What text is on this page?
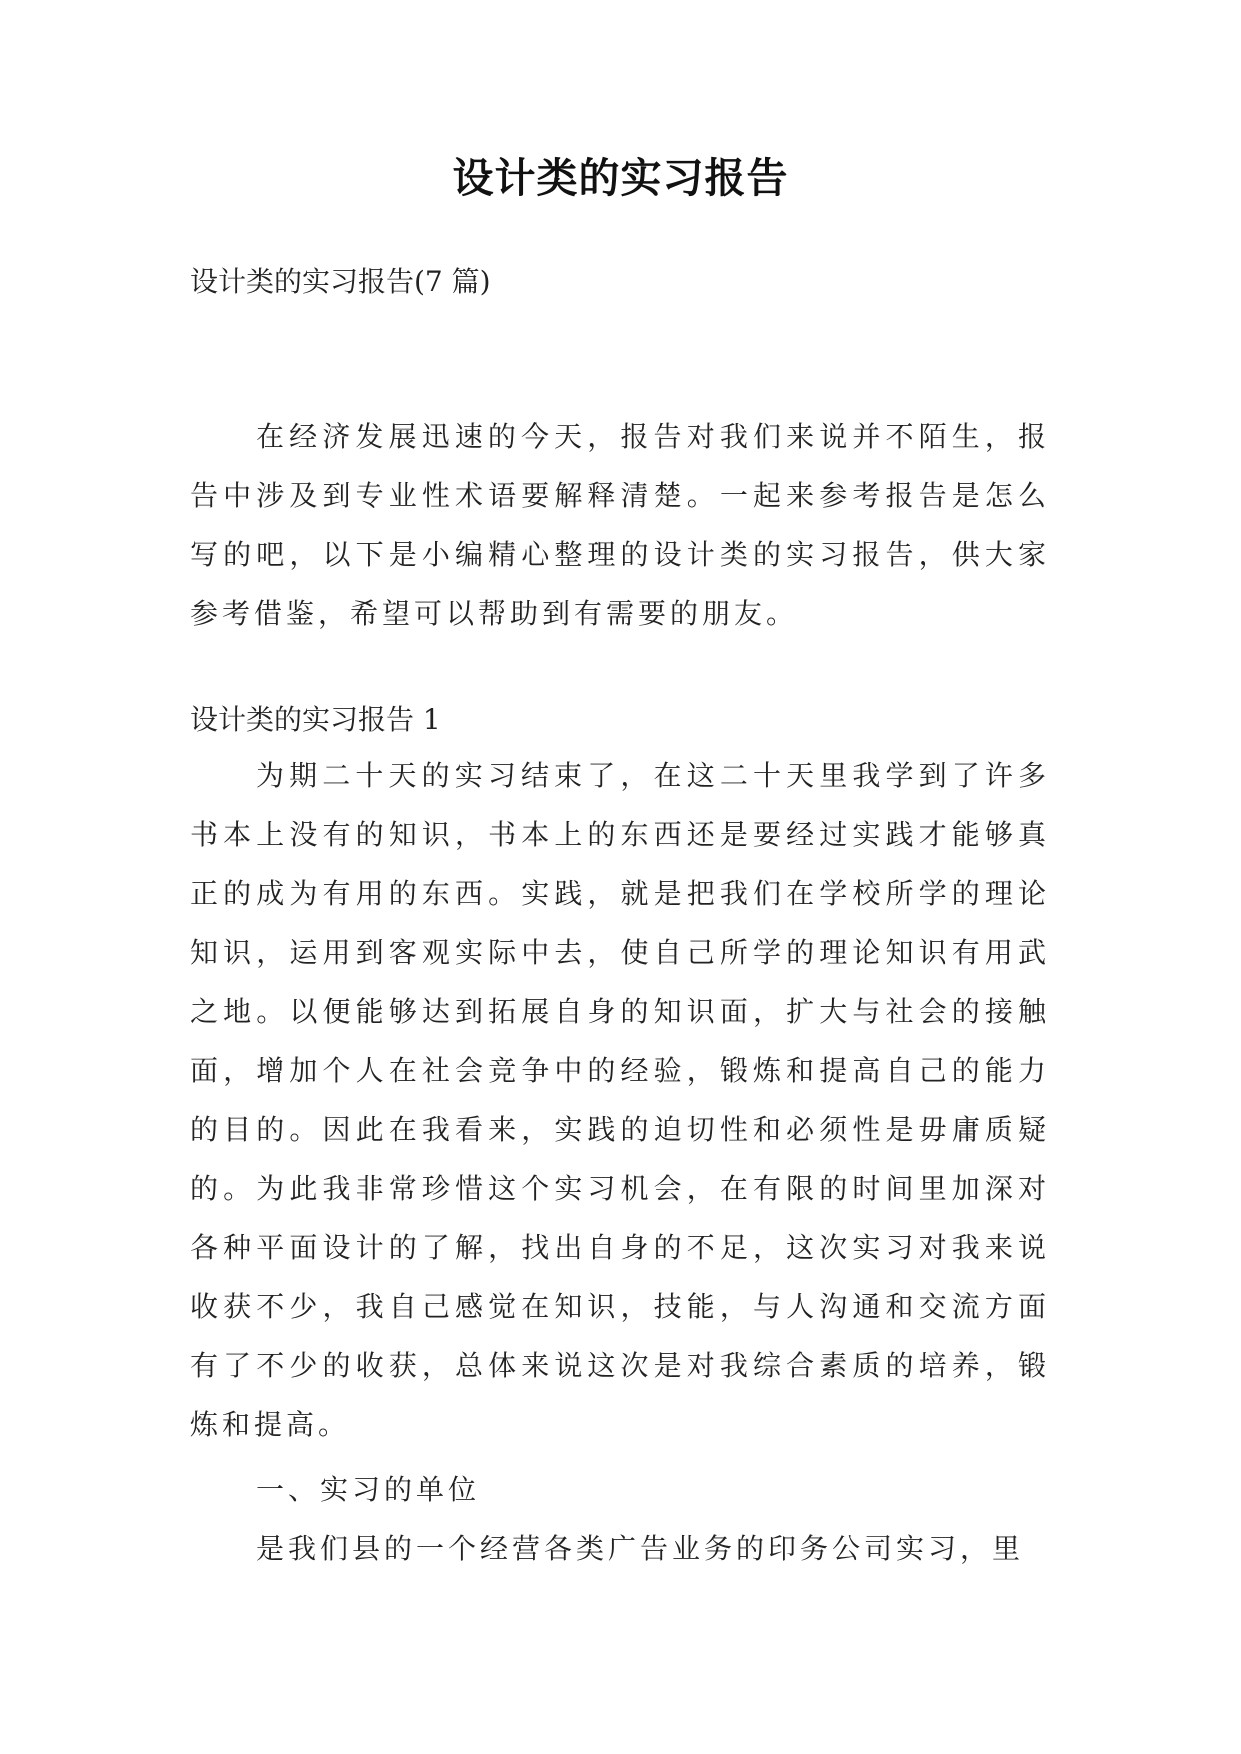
设计类的实习报告
设计类的实习报告(7 篇)
在经济发展迅速的今天，报告对我们来说并不陌生，报告中涉及到专业性术语要解释清楚。一起来参考报告是怎么写的吧，以下是小编精心整理的设计类的实习报告，供大家参考借鉴，希望可以帮助到有需要的朋友。
设计类的实习报告 1
为期二十天的实习结束了，在这二十天里我学到了许多书本上没有的知识，书本上的东西还是要经过实践才能够真正的成为有用的东西。实践，就是把我们在学校所学的理论知识，运用到客观实际中去，使自己所学的理论知识有用武之地。以便能够达到拓展自身的知识面，扩大与社会的接触面，增加个人在社会竞争中的经验，锻炼和提高自己的能力的目的。因此在我看来，实践的迫切性和必须性是毋庸质疑的。为此我非常珍惜这个实习机会，在有限的时间里加深对各种平面设计的了解，找出自身的不足，这次实习对我来说收获不少，我自己感觉在知识，技能，与人沟通和交流方面有了不少的收获，总体来说这次是对我综合素质的培养，锻炼和提高。
一、实习的单位
是我们县的一个经营各类广告业务的印务公司实习，里
